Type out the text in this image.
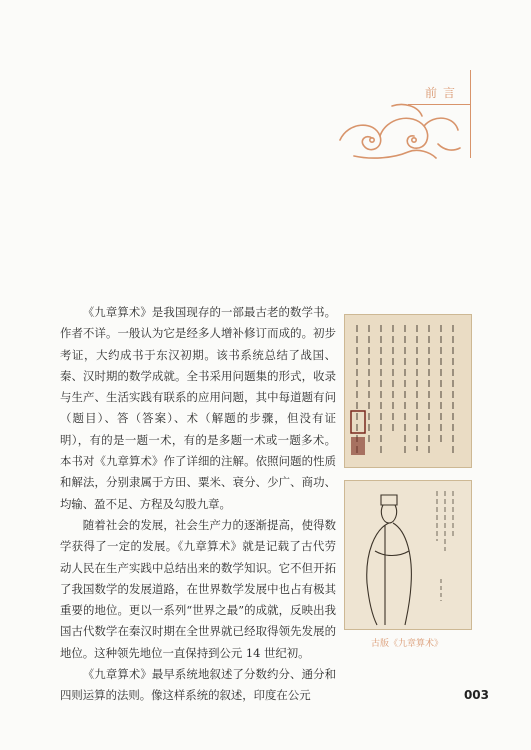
前言

《九章算术》是我国现存的一部最古老的数学书。作者不详。一般认为它是经多人增补修订而成的。初步考证，大约成书于东汉初期。该书系统总结了战国、秦、汉时期的数学成就。全书采用问题集的形式，收录与生产、生活实践有联系的应用问题，其中每道题有问（题目）、答（答案）、术（解题的步骤，但没有证明），有的是一题一术，有的是多题一术或一题多术。本书对《九章算术》作了详细的注解。依照问题的性质和解法，分别隶属于方田、粟米、衰分、少广、商功、均输、盈不足、方程及勾股九章。

随着社会的发展，社会生产力的逐渐提高，使得数学获得了一定的发展。《九章算术》就是记载了古代劳动人民在生产实践中总结出来的数学知识。它不但开拓了我国数学的发展道路，在世界数学发展中也占有极其重要的地位。更以一系列“世界之最”的成就，反映出我国古代数学在秦汉时期在全世界就已经取得领先发展的地位。这种领先地位一直保持到公元 14 世纪初。

《九章算术》最早系统地叙述了分数约分、通分和四则运算的法则。像这样系统的叙述，印度在公元

古版《九章算术》
003
